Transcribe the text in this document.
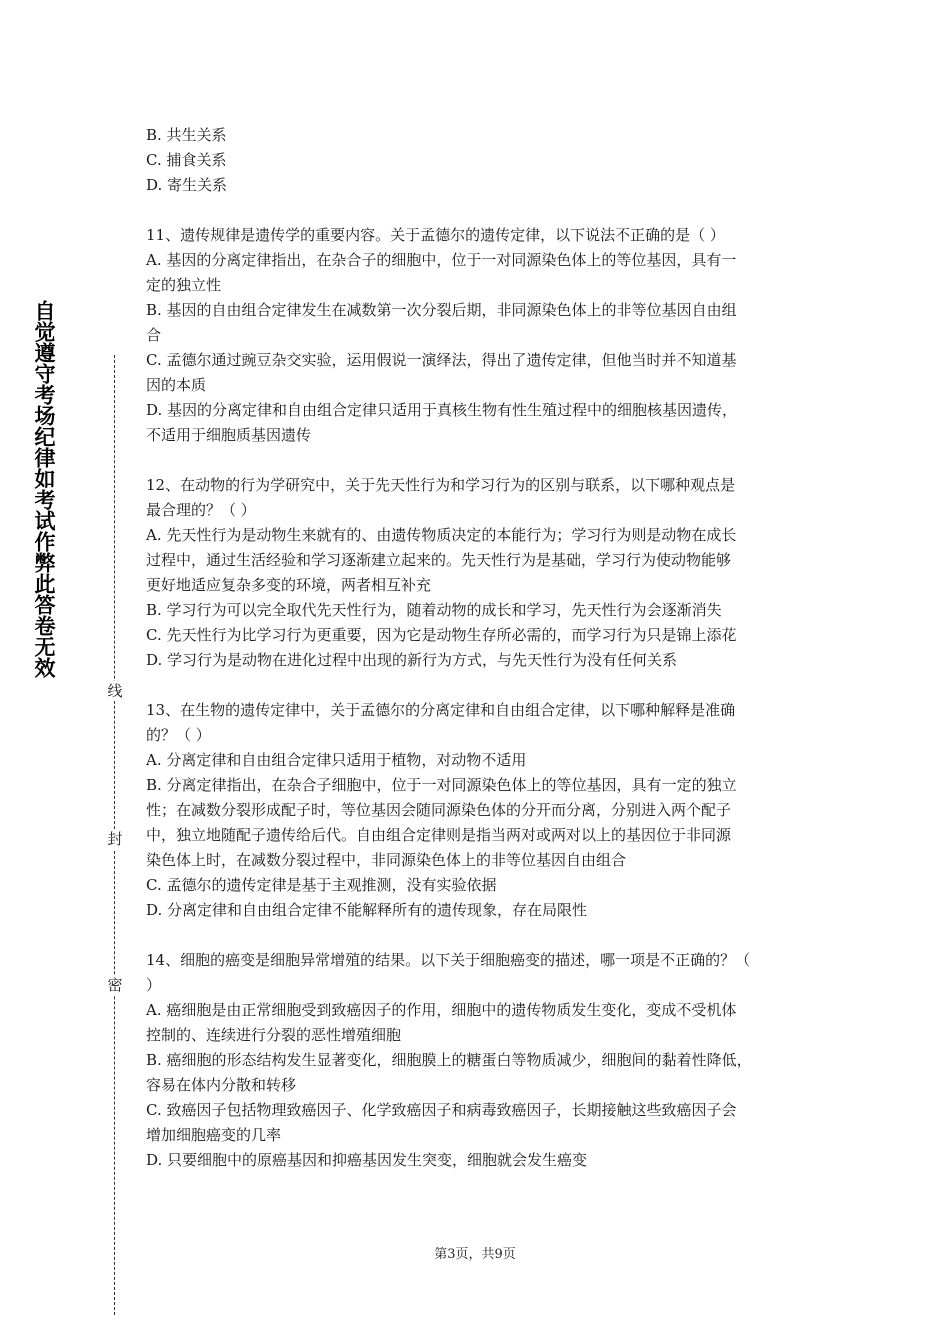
自觉遵守考场纪律如考试作弊此答卷无效
线
封
密
B. 共生关系
C. 捕食关系
D. 寄生关系
11、遗传规律是遗传学的重要内容。关于孟德尔的遗传定律，以下说法不正确的是（ ）
A. 基因的分离定律指出，在杂合子的细胞中，位于一对同源染色体上的等位基因，具有一
定的独立性
B. 基因的自由组合定律发生在减数第一次分裂后期，非同源染色体上的非等位基因自由组
合
C. 孟德尔通过豌豆杂交实验，运用假说一演绎法，得出了遗传定律，但他当时并不知道基
因的本质
D. 基因的分离定律和自由组合定律只适用于真核生物有性生殖过程中的细胞核基因遗传，
不适用于细胞质基因遗传
12、在动物的行为学研究中，关于先天性行为和学习行为的区别与联系，以下哪种观点是
最合理的？（ ）
A. 先天性行为是动物生来就有的、由遗传物质决定的本能行为；学习行为则是动物在成长
过程中，通过生活经验和学习逐渐建立起来的。先天性行为是基础，学习行为使动物能够
更好地适应复杂多变的环境，两者相互补充
B. 学习行为可以完全取代先天性行为，随着动物的成长和学习，先天性行为会逐渐消失
C. 先天性行为比学习行为更重要，因为它是动物生存所必需的，而学习行为只是锦上添花
D. 学习行为是动物在进化过程中出现的新行为方式，与先天性行为没有任何关系
13、在生物的遗传定律中，关于孟德尔的分离定律和自由组合定律，以下哪种解释是准确
的？（ ）
A. 分离定律和自由组合定律只适用于植物，对动物不适用
B. 分离定律指出，在杂合子细胞中，位于一对同源染色体上的等位基因，具有一定的独立
性；在减数分裂形成配子时，等位基因会随同源染色体的分开而分离，分别进入两个配子
中，独立地随配子遗传给后代。自由组合定律则是指当两对或两对以上的基因位于非同源
染色体上时，在减数分裂过程中，非同源染色体上的非等位基因自由组合
C. 孟德尔的遗传定律是基于主观推测，没有实验依据
D. 分离定律和自由组合定律不能解释所有的遗传现象，存在局限性
14、细胞的癌变是细胞异常增殖的结果。以下关于细胞癌变的描述，哪一项是不正确的？（
）
A. 癌细胞是由正常细胞受到致癌因子的作用，细胞中的遗传物质发生变化，变成不受机体
控制的、连续进行分裂的恶性增殖细胞
B. 癌细胞的形态结构发生显著变化，细胞膜上的糖蛋白等物质减少，细胞间的黏着性降低，
容易在体内分散和转移
C. 致癌因子包括物理致癌因子、化学致癌因子和病毒致癌因子，长期接触这些致癌因子会
增加细胞癌变的几率
D. 只要细胞中的原癌基因和抑癌基因发生突变，细胞就会发生癌变
第3页，共9页
